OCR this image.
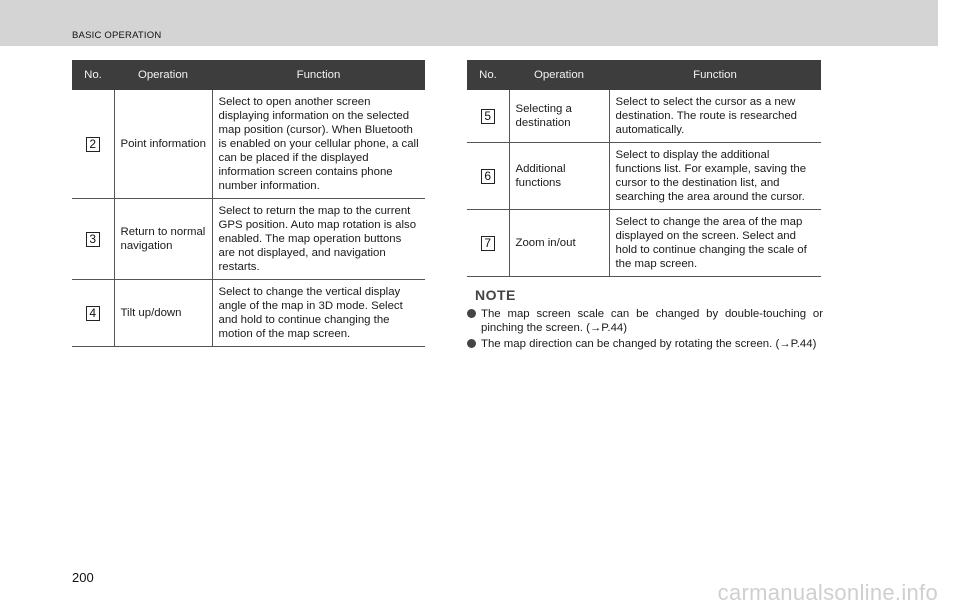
BASIC OPERATION
No.	Operation	Function
2	Point information	Select to open another screen displaying information on the selected map position (cursor). When Bluetooth is enabled on your cellular phone, a call can be placed if the displayed information screen contains phone number information.
3	Return to normal navigation	Select to return the map to the current GPS position. Auto map rotation is also enabled. The map operation buttons are not displayed, and navigation restarts.
4	Tilt up/down	Select to change the vertical display angle of the map in 3D mode. Select and hold to continue changing the motion of the map screen.
No.	Operation	Function
5	Selecting a destination	Select to select the cursor as a new destination. The route is researched automatically.
6	Additional functions	Select to display the additional functions list. For example, saving the cursor to the destination list, and searching the area around the cursor.
7	Zoom in/out	Select to change the area of the map displayed on the screen. Select and hold to continue changing the scale of the map screen.
NOTE
The map screen scale can be changed by double-touching or pinching the screen. (→P.44)
The map direction can be changed by rotating the screen. (→P.44)
200
carmanualsonline.info
